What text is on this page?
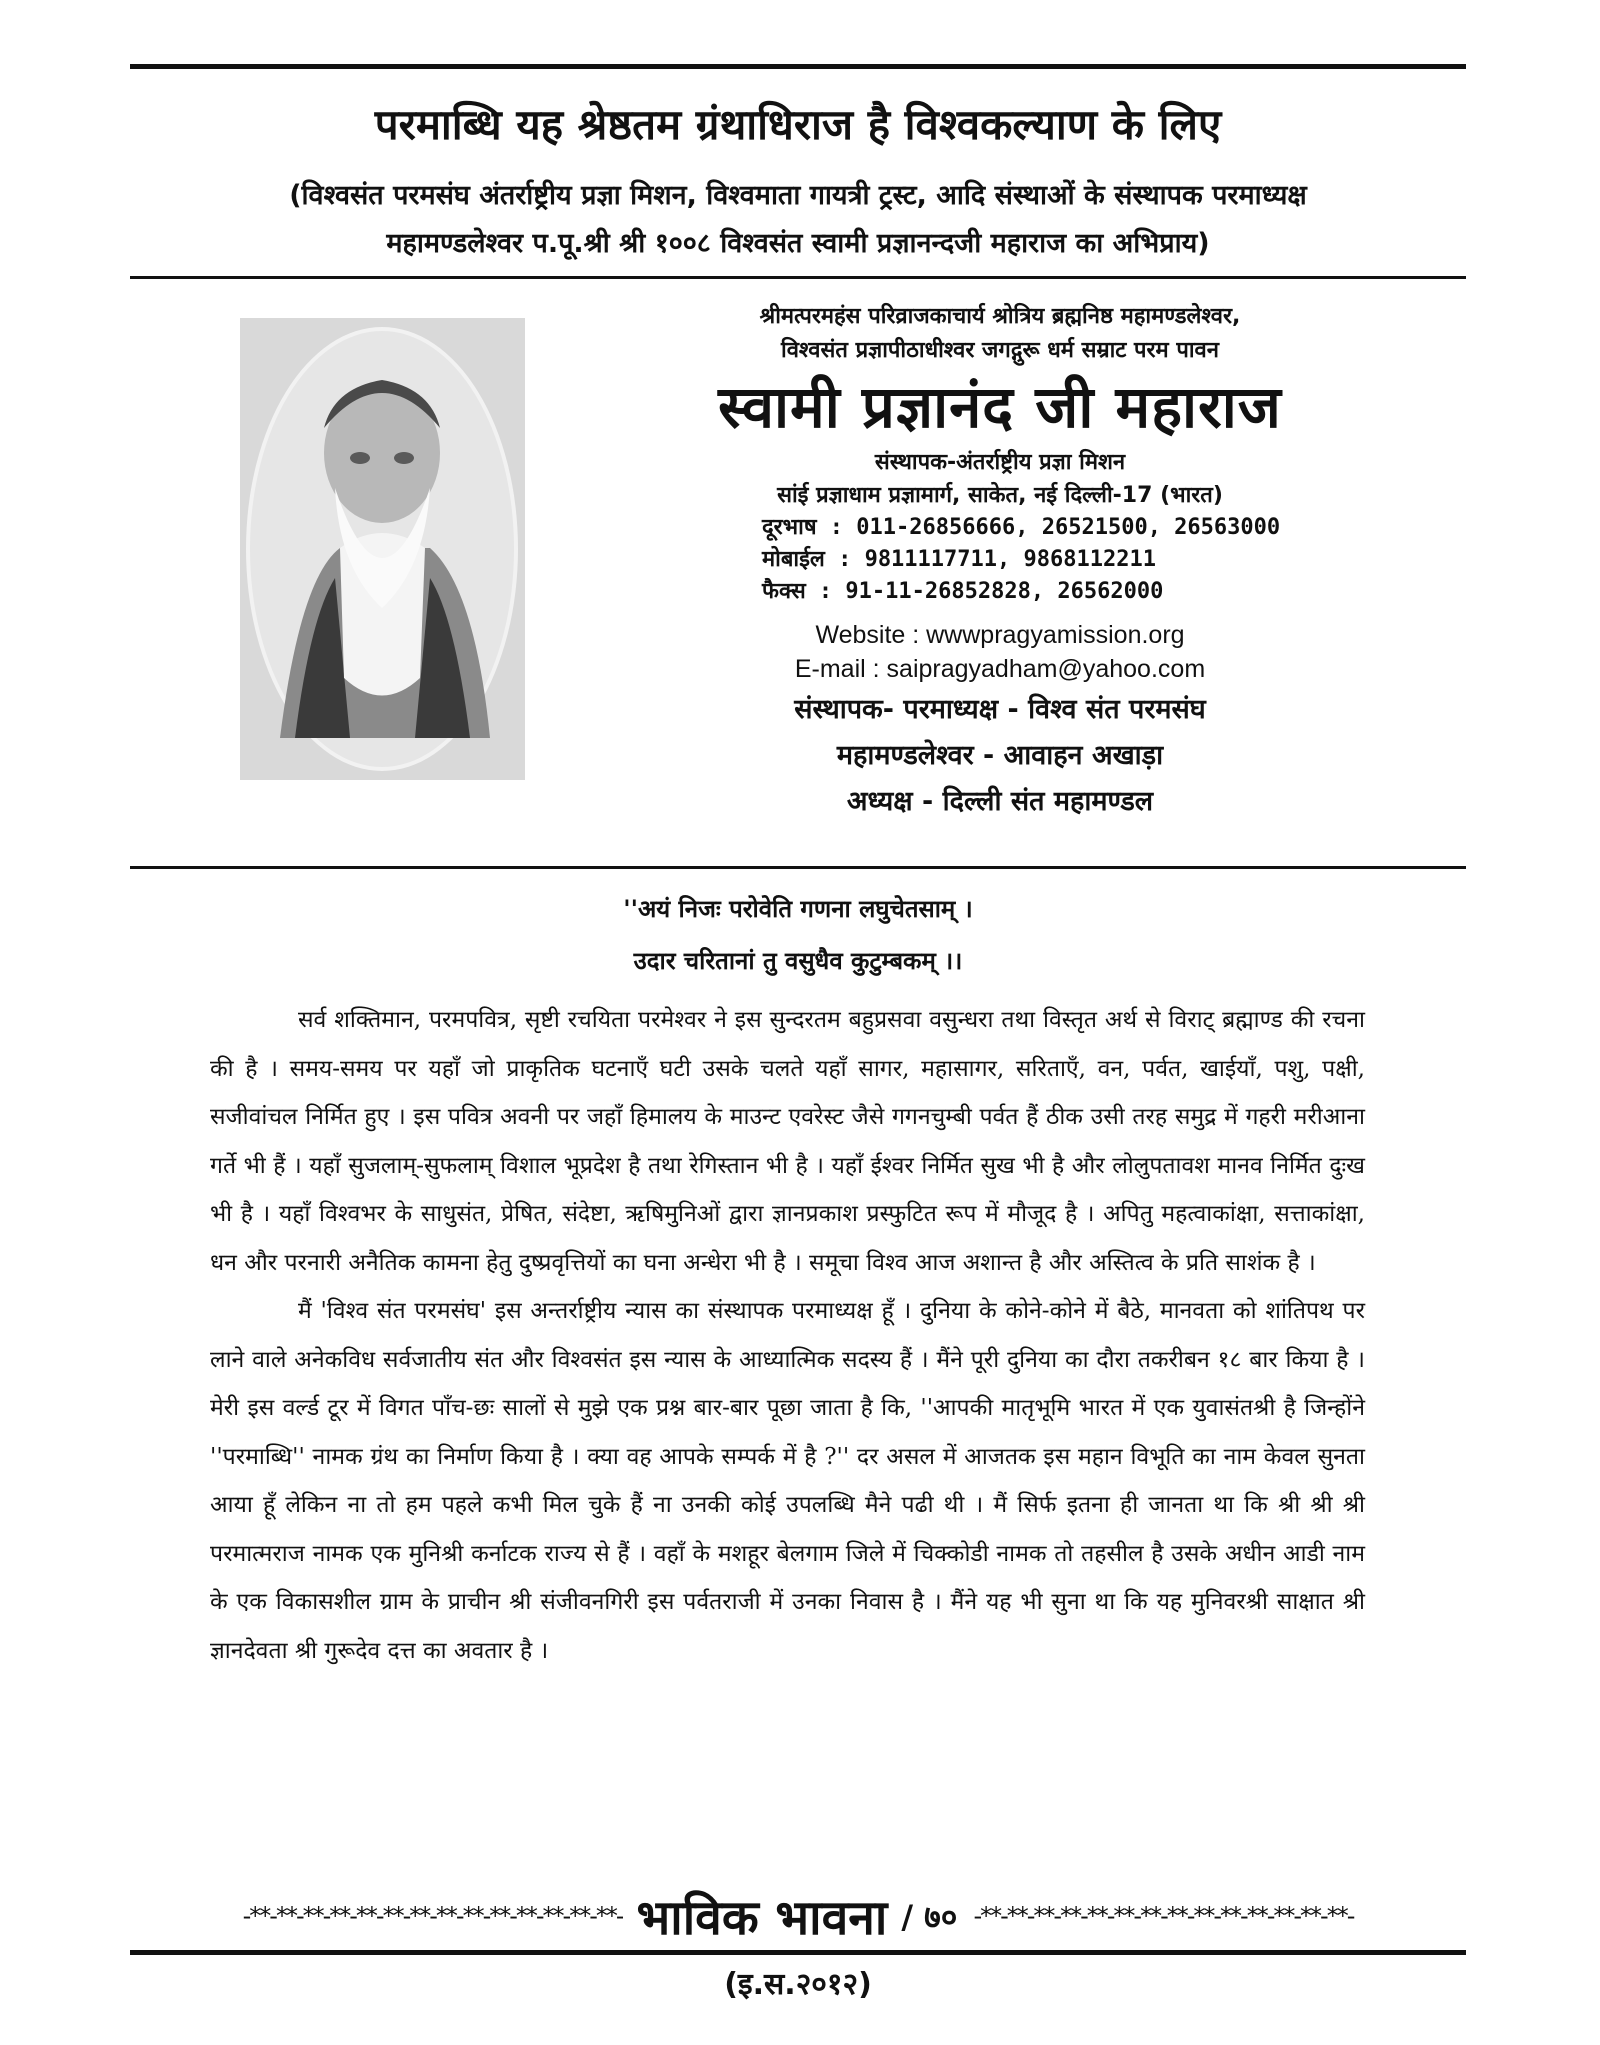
परमाब्धि यह श्रेष्ठतम ग्रंथाधिराज है विश्वकल्याण के लिए
(विश्वसंत परमसंघ अंतर्राष्ट्रीय प्रज्ञा मिशन, विश्वमाता गायत्री ट्रस्ट, आदि संस्थाओं के संस्थापक परमाध्यक्ष
महामण्डलेश्वर प.पू.श्री श्री १००८ विश्वसंत स्वामी प्रज्ञानन्दजी महाराज का अभिप्राय)
श्रीमत्परमहंस परिव्राजकाचार्य श्रोत्रिय ब्रह्मनिष्ठ महामण्डलेश्वर,
विश्वसंत प्रज्ञापीठाधीश्वर जगद्गुरू धर्म सम्राट परम पावन
स्वामी प्रज्ञानंद जी महाराज
संस्थापक-अंतर्राष्ट्रीय प्रज्ञा मिशन
सांई प्रज्ञाधाम प्रज्ञामार्ग, साकेत, नई दिल्ली-17 (भारत)
दूरभाष : 011-26856666, 26521500, 26563000
मोबाईल : 9811117711, 9868112211
फैक्स : 91-11-26852828, 26562000
Website : wwwpragyamission.org
E-mail : saipragyadham@yahoo.com
संस्थापक- परमाध्यक्ष - विश्व संत परमसंघ
महामण्डलेश्वर - आवाहन अखाड़ा
अध्यक्ष - दिल्ली संत महामण्डल
''अयं निजः परोवेति गणना लघुचेतसाम् ।
उदार चरितानां तु वसुधैव कुटुम्बकम् ।।

सर्व शक्तिमान, परमपवित्र, सृष्टी रचयिता परमेश्वर ने इस सुन्दरतम बहुप्रसवा वसुन्धरा तथा विस्तृत अर्थ से विराट् ब्रह्माण्ड की रचना की है । समय-समय पर यहाँ जो प्राकृतिक घटनाएँ घटी उसके चलते यहाँ सागर, महासागर, सरिताएँ, वन, पर्वत, खाईयाँ, पशु, पक्षी, सजीवांचल निर्मित हुए । इस पवित्र अवनी पर जहाँ हिमालय के माउन्ट एवरेस्ट जैसे गगनचुम्बी पर्वत हैं ठीक उसी तरह समुद्र में गहरी मरीआना गर्ते भी हैं । यहाँ सुजलाम्-सुफलाम् विशाल भूप्रदेश है तथा रेगिस्तान भी है । यहाँ ईश्वर निर्मित सुख भी है और लोलुपतावश मानव निर्मित दुःख भी है । यहाँ विश्वभर के साधुसंत, प्रेषित, संदेष्टा, ऋषिमुनिओं द्वारा ज्ञानप्रकाश प्रस्फुटित रूप में मौजूद है । अपितु महत्वाकांक्षा, सत्ताकांक्षा, धन और परनारी अनैतिक कामना हेतु दुष्प्रवृत्तियों का घना अन्धेरा भी है । समूचा विश्व आज अशान्त है और अस्तित्व के प्रति साशंक है ।

मैं 'विश्व संत परमसंघ' इस अन्तर्राष्ट्रीय न्यास का संस्थापक परमाध्यक्ष हूँ । दुनिया के कोने-कोने में बैठे, मानवता को शांतिपथ पर लाने वाले अनेकविध सर्वजातीय संत और विश्वसंत इस न्यास के आध्यात्मिक सदस्य हैं । मैंने पूरी दुनिया का दौरा तकरीबन १८ बार किया है । मेरी इस वर्ल्ड टूर में विगत पाँच-छः सालों से मुझे एक प्रश्न बार-बार पूछा जाता है कि, ''आपकी मातृभूमि भारत में एक युवासंतश्री है जिन्होंने ''परमाब्धि'' नामक ग्रंथ का निर्माण किया है । क्या वह आपके सम्पर्क में है ?'' दर असल में आजतक इस महान विभूति का नाम केवल सुनता आया हूँ लेकिन ना तो हम पहले कभी मिल चुके हैं ना उनकी कोई उपलब्धि मैने पढी थी । मैं सिर्फ इतना ही जानता था कि श्री श्री श्री परमात्मराज नामक एक मुनिश्री कर्नाटक राज्य से हैं । वहाँ के मशहूर बेलगाम जिले में चिक्कोडी नामक तो तहसील है उसके अधीन आडी नाम के एक विकासशील ग्राम के प्राचीन श्री संजीवनगिरी इस पर्वतराजी में उनका निवास है । मैंने यह भी सुना था कि यह मुनिवरश्री साक्षात श्री ज्ञानदेवता श्री गुरूदेव दत्त का अवतार है ।

-**-**-**-**-**-**-**-**-**-**-**-**-**-**- भाविक भावना / ७० -**-**-**-**-**-**-**-**-**-**-**-**-**-**-
(इ.स.२०१२)
